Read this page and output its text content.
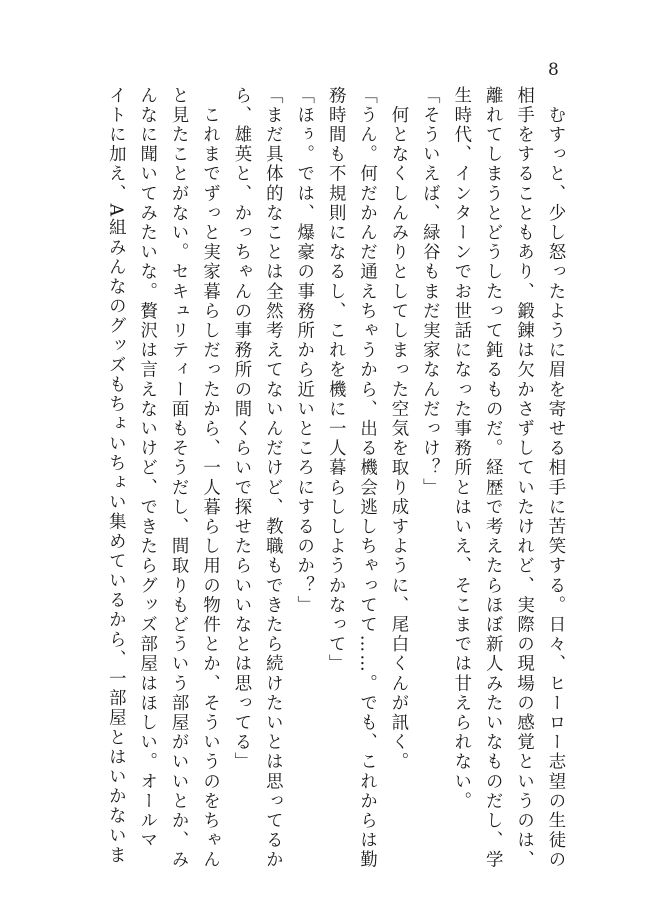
8
　むすっと、少し怒ったように眉を寄せる相手に苦笑する。日々、ヒーロー志望の生徒の
相手をすることもあり、鍛錬は欠かさずしていたけれど、実際の現場の感覚というのは、
離れてしまうとどうしたって鈍るものだ。経歴で考えたらほぼ新人みたいなものだし、学
生時代、インターンでお世話になった事務所とはいえ、そこまでは甘えられない。
「そういえば、緑谷もまだ実家なんだっけ？」
　何となくしんみりとしてしまった空気を取り成すように、尾白くんが訊く。
「うん。何だかんだ通えちゃうから、出る機会逃しちゃってて……。でも、これからは勤
務時間も不規則になるし、これを機に一人暮らししようかなって」
「ほぅ。では、爆豪の事務所から近いところにするのか？」
「まだ具体的なことは全然考えてないんだけど、教職もできたら続けたいとは思ってるか
ら、雄英と、かっちゃんの事務所の間くらいで探せたらいいなとは思ってる」
　これまでずっと実家暮らしだったから、一人暮らし用の物件とか、そういうのをちゃん
と見たことがない。セキュリティー面もそうだし、間取りもどういう部屋がいいとか、み
んなに聞いてみたいな。贅沢は言えないけど、できたらグッズ部屋はほしい。オールマ
イトに加え、A組みんなのグッズもちょいちょい集めているから、一部屋とはいかないま
